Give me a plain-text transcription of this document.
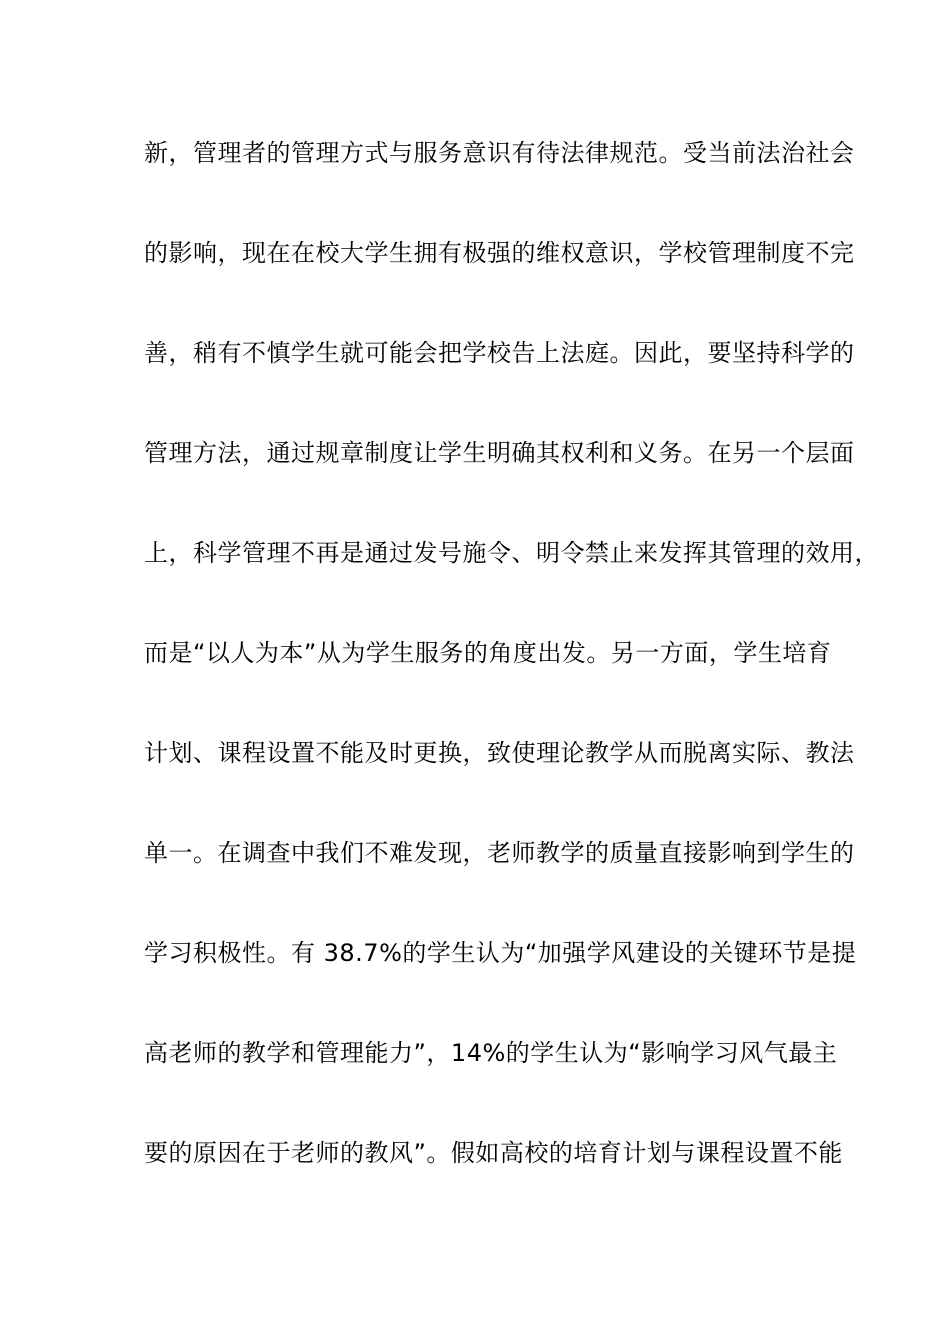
新，管理者的管理方式与服务意识有待法律规范。受当前法治社会
的影响，现在在校大学生拥有极强的维权意识，学校管理制度不完
善，稍有不慎学生就可能会把学校告上法庭。因此，要坚持科学的
管理方法，通过规章制度让学生明确其权利和义务。在另一个层面
上，科学管理不再是通过发号施令、明令禁止来发挥其管理的效用，
而是“以人为本”从为学生服务的角度出发。另一方面，学生培育
计划、课程设置不能及时更换，致使理论教学从而脱离实际、教法
单一。在调查中我们不难发现，老师教学的质量直接影响到学生的
学习积极性。有 38.7%的学生认为“加强学风建设的关键环节是提
高老师的教学和管理能力”，14%的学生认为“影响学习风气最主
要的原因在于老师的教风”。假如高校的培育计划与课程设置不能
